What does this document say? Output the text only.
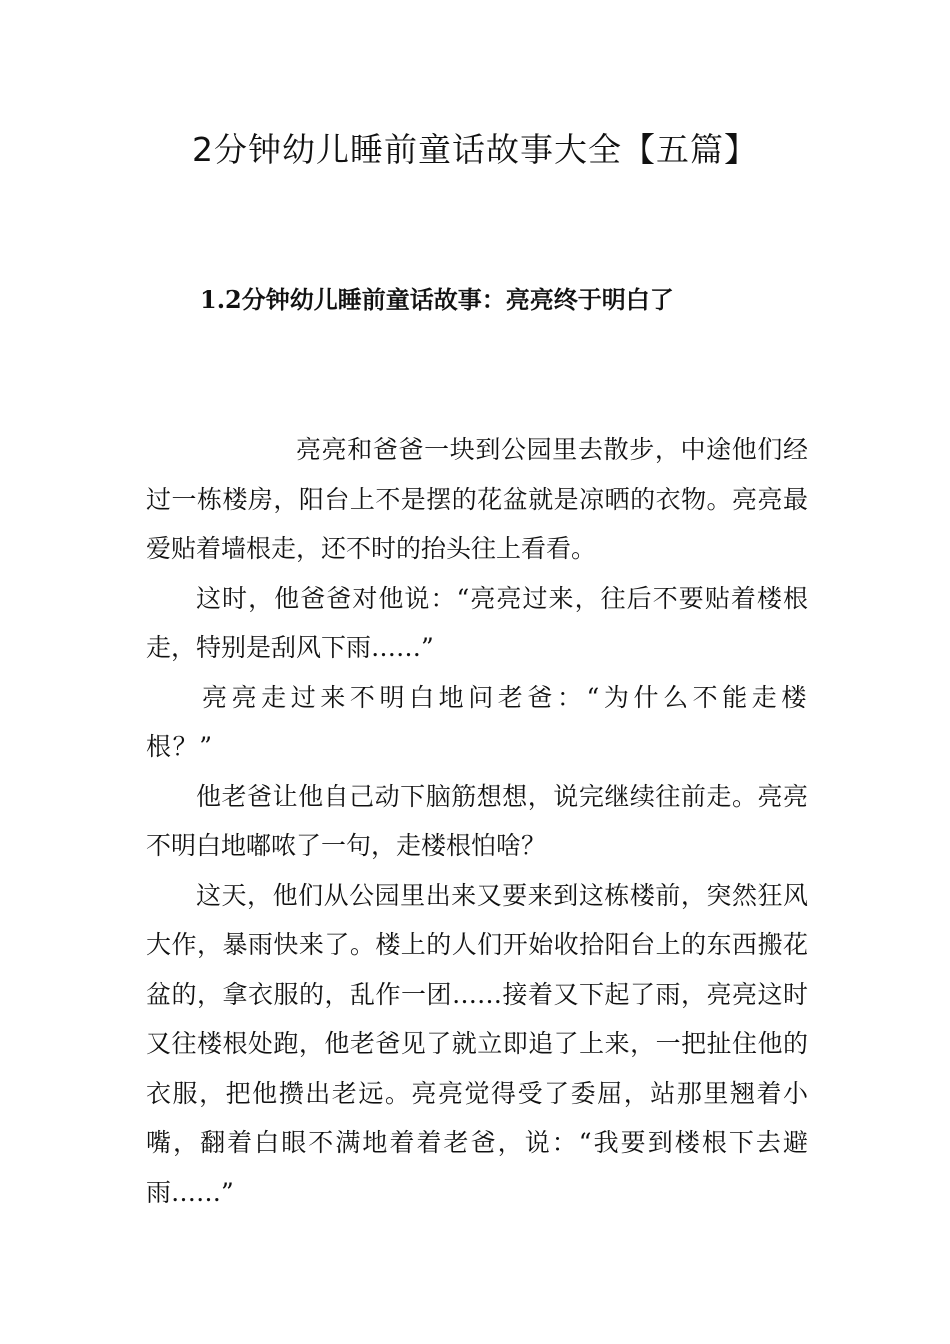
2分钟幼儿睡前童话故事大全【五篇】
1.2分钟幼儿睡前童话故事：亮亮终于明白了

亮亮和爸爸一块到公园里去散步，中途他们经过一栋楼房，阳台上不是摆的花盆就是凉晒的衣物。亮亮最爱贴着墙根走，还不时的抬头往上看看。

这时，他爸爸对他说：“亮亮过来，往后不要贴着楼根走，特别是刮风下雨……”

亮亮走过来不明白地问老爸：“为什么不能走楼根？”

他老爸让他自己动下脑筋想想，说完继续往前走。亮亮不明白地嘟哝了一句，走楼根怕啥？

这天，他们从公园里出来又要来到这栋楼前，突然狂风大作，暴雨快来了。楼上的人们开始收拾阳台上的东西搬花盆的，拿衣服的，乱作一团……接着又下起了雨，亮亮这时又往楼根处跑，他老爸见了就立即追了上来，一把扯住他的衣服，把他攒出老远。亮亮觉得受了委屈，站那里翘着小嘴，翻着白眼不满地着着老爸，说：“我要到楼根下去避雨……”
